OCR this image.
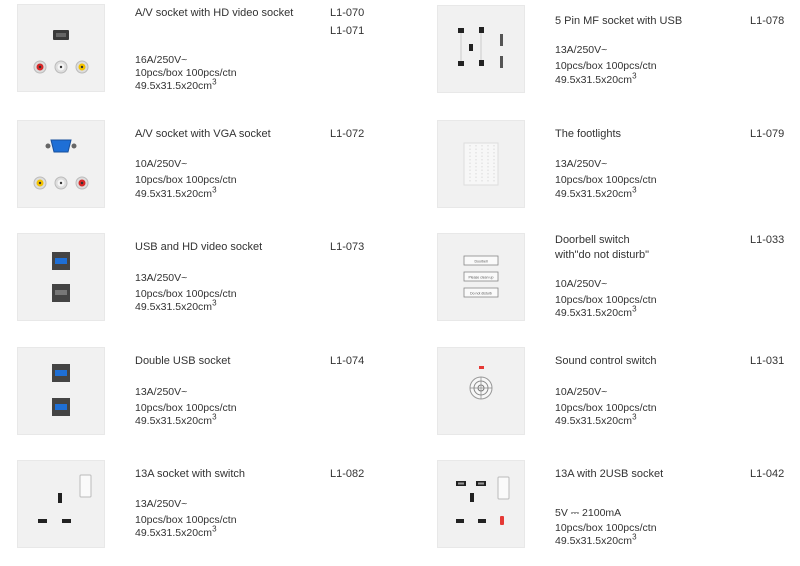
A/V socket with HD video socket	L1-070
L1-071
16A/250V~
10pcs/box 100pcs/ctn
$49.5x31.5x20cm^3$
A/V socket with VGA socket	L1-072
10A/250V~
10pcs/box 100pcs/ctn
$49.5x31.5x20cm^3$
USB and HD video socket	L1-073
13A/250V~
10pcs/box 100pcs/ctn
$49.5x31.5x20cm^3$
Double USB socket	L1-074
13A/250V~
10pcs/box 100pcs/ctn
$49.5x31.5x20cm^3$
13A socket with switch	L1-082
13A/250V~
10pcs/box 100pcs/ctn
$49.5x31.5x20cm^3$
5 Pin MF socket with USB	L1-078
13A/250V~
10pcs/box 100pcs/ctn
$49.5x31.5x20cm^3$
The footlights	L1-079
13A/250V~
10pcs/box 100pcs/ctn
$49.5x31.5x20cm^3$
Doorbell
Please clean up
Do not disturb
Doorbell switch
with"do not disturb"
L1-033
10A/250V~
10pcs/box 100pcs/ctn
$49.5x31.5x20cm^3$
Sound control switch	L1-031
10A/250V~
10pcs/box 100pcs/ctn
$49.5x31.5x20cm^3$
13A with 2USB socket	L1-042
5V ⎓ 2100mA
10pcs/box 100pcs/ctn
$49.5x31.5x20cm^3$
